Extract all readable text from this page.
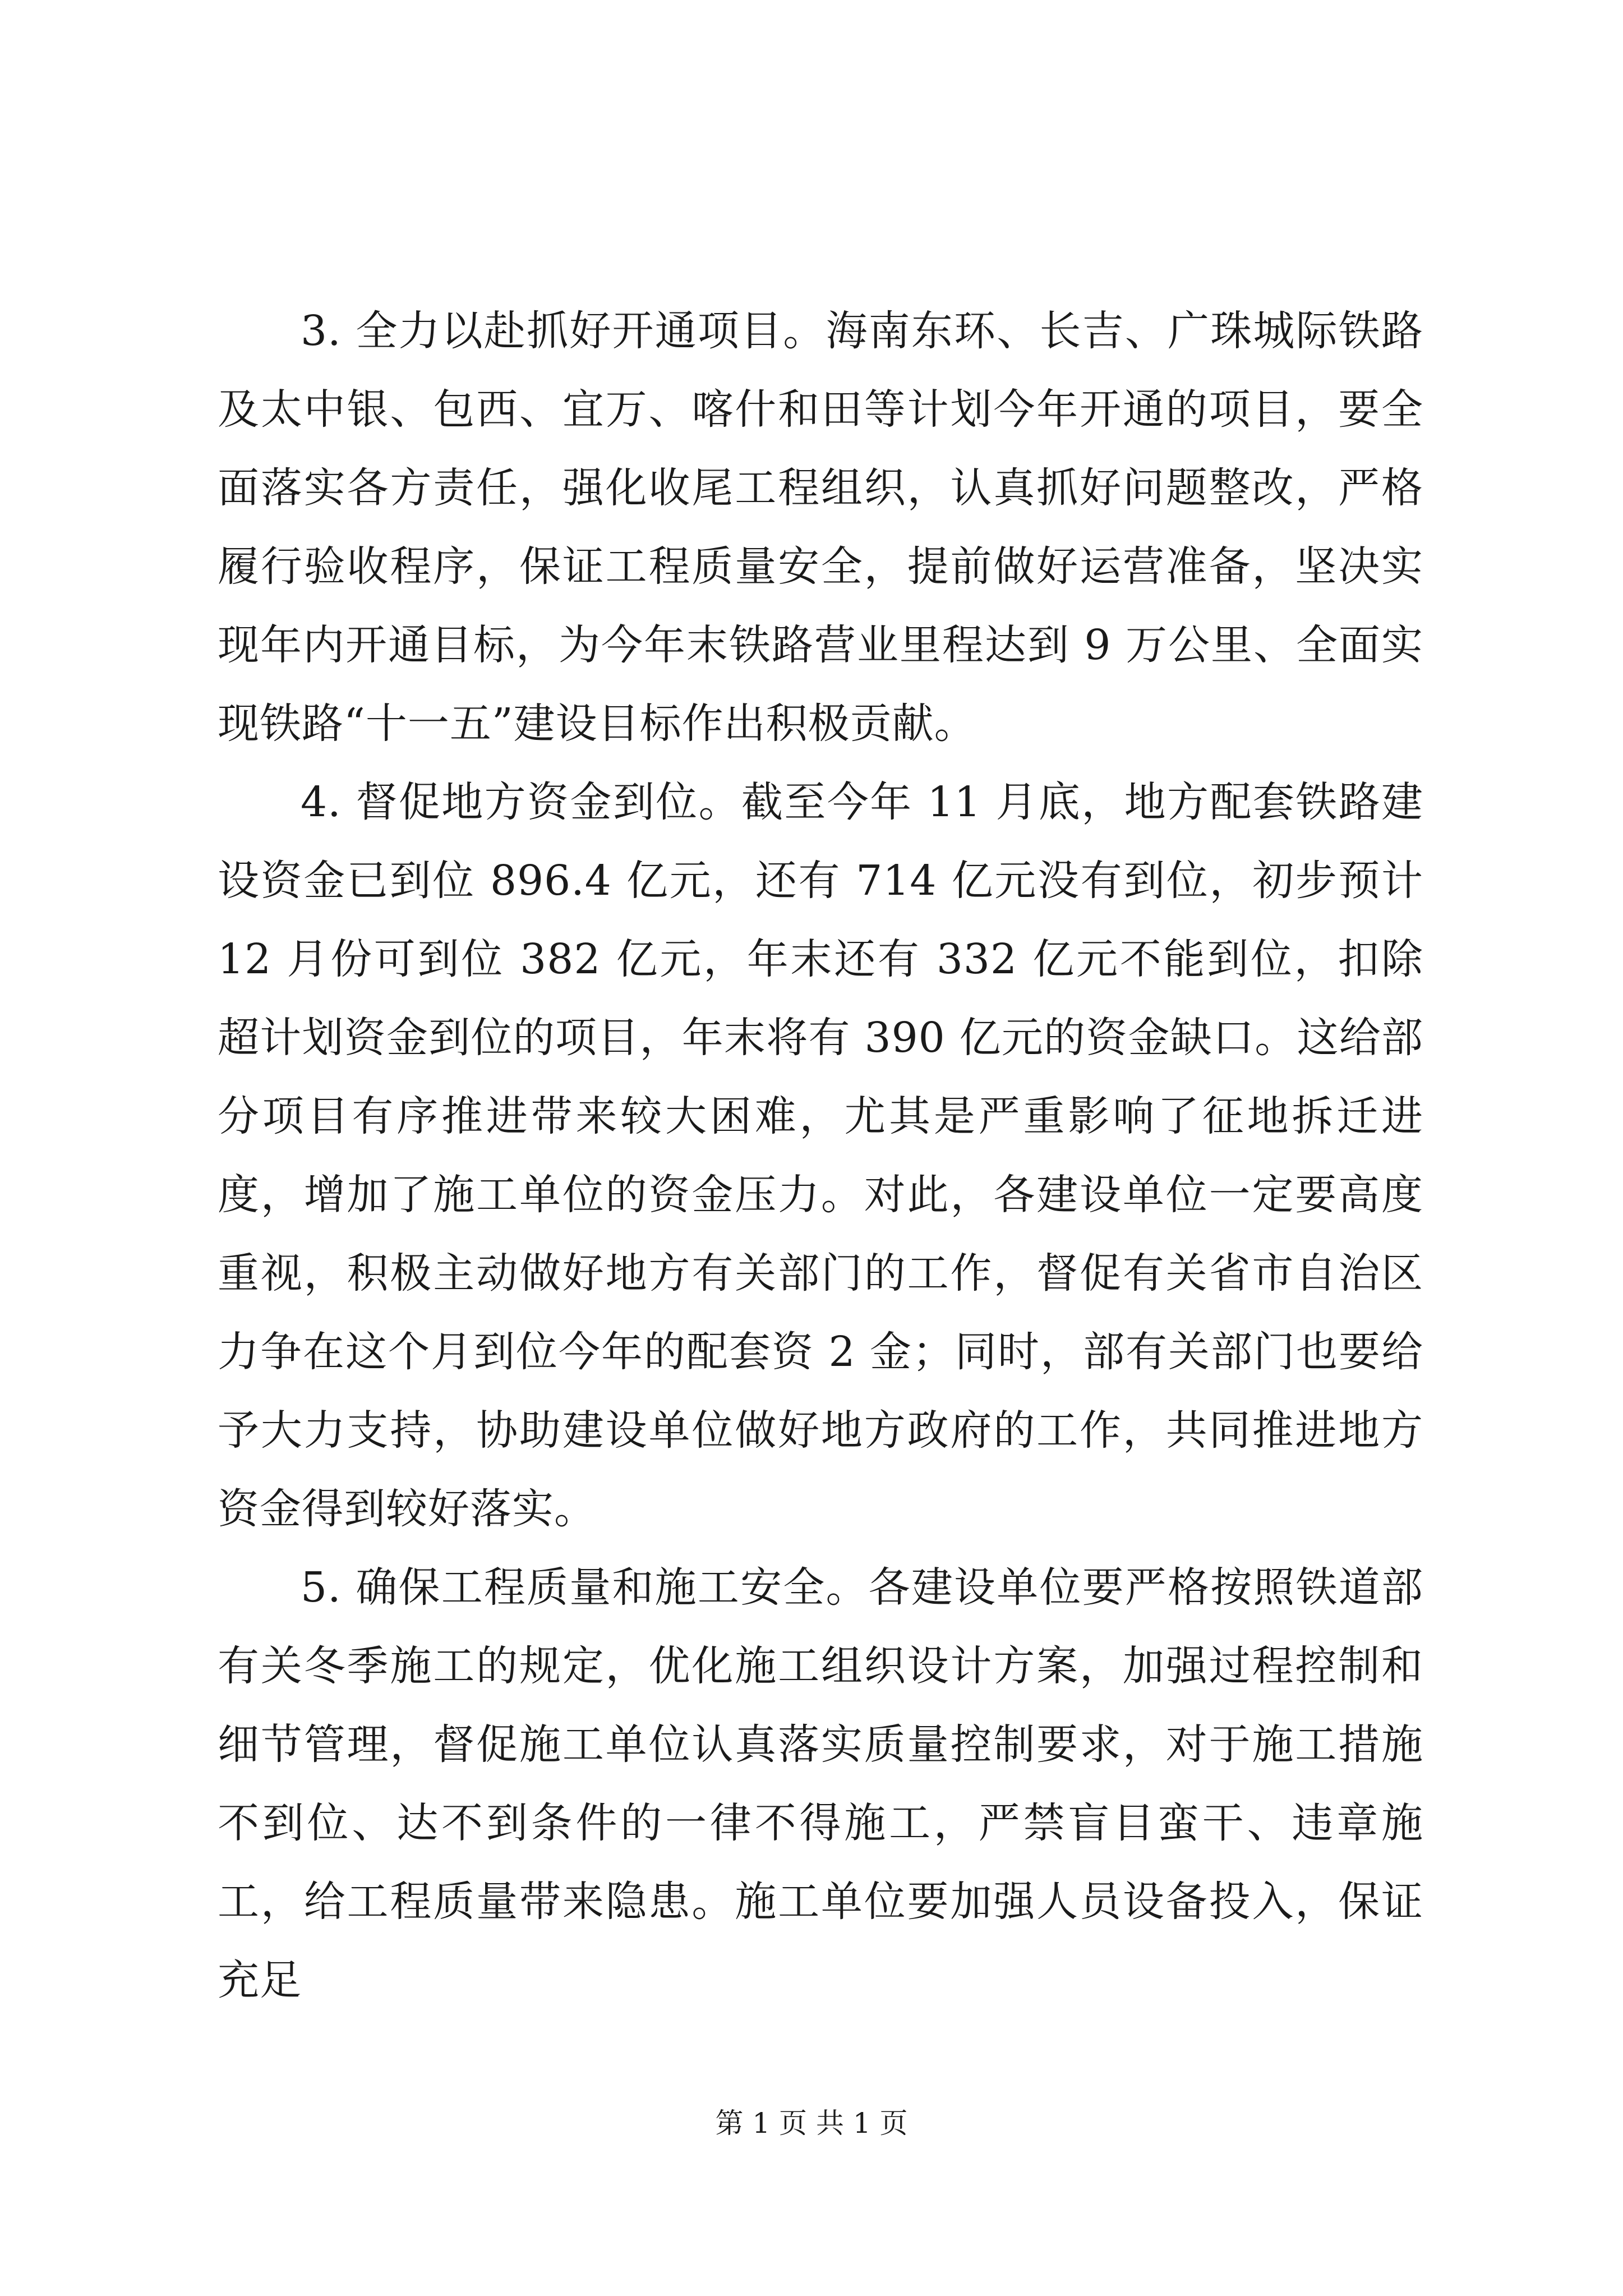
3. 全力以赴抓好开通项目。海南东环、长吉、广珠城际铁路及太中银、包西、宜万、喀什和田等计划今年开通的项目，要全面落实各方责任，强化收尾工程组织，认真抓好问题整改，严格履行验收程序，保证工程质量安全，提前做好运营准备，坚决实现年内开通目标，为今年末铁路营业里程达到 9 万公里、全面实现铁路“十一五”建设目标作出积极贡献。

4. 督促地方资金到位。截至今年 11 月底，地方配套铁路建设资金已到位 896.4 亿元，还有 714 亿元没有到位，初步预计 12 月份可到位 382 亿元，年末还有 332 亿元不能到位，扣除超计划资金到位的项目，年末将有 390 亿元的资金缺口。这给部分项目有序推进带来较大困难，尤其是严重影响了征地拆迁进度，增加了施工单位的资金压力。对此，各建设单位一定要高度重视，积极主动做好地方有关部门的工作，督促有关省市自治区力争在这个月到位今年的配套资 2 金；同时，部有关部门也要给予大力支持，协助建设单位做好地方政府的工作，共同推进地方资金得到较好落实。

5. 确保工程质量和施工安全。各建设单位要严格按照铁道部有关冬季施工的规定，优化施工组织设计方案，加强过程控制和细节管理，督促施工单位认真落实质量控制要求，对于施工措施不到位、达不到条件的一律不得施工，严禁盲目蛮干、违章施工，给工程质量带来隐患。施工单位要加强人员设备投入，保证充足

第 1 页 共 1 页
